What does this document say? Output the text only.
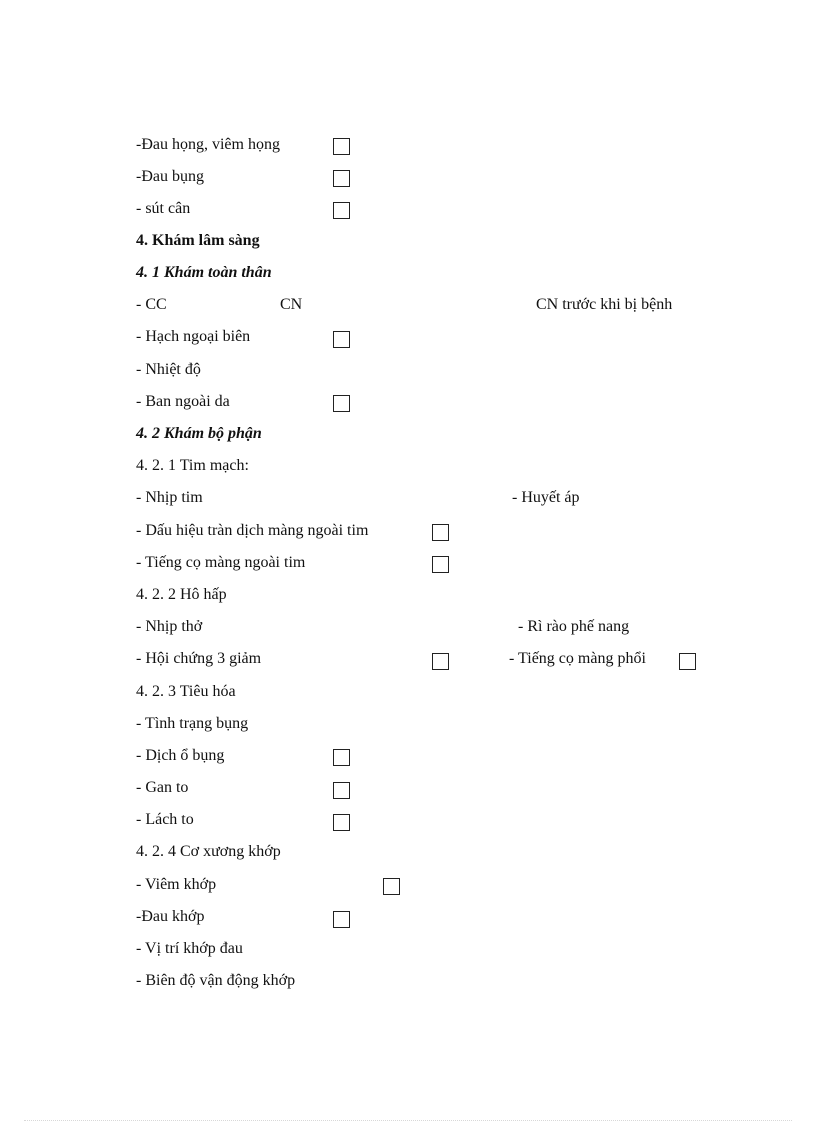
-Đau họng, viêm họng
-Đau bụng
- sút cân
4. Khám lâm sàng
4. 1 Khám toàn thân
- CC	CN	CN trước khi bị bệnh
- Hạch ngoại biên
- Nhiệt độ
- Ban ngoài da
4. 2 Khám bộ phận
4. 2. 1 Tim mạch:
- Nhịp tim	- Huyết áp
- Dấu hiệu tràn dịch màng ngoài tim
- Tiếng cọ màng ngoài tim
4. 2. 2 Hô hấp
- Nhịp thở	- Rì rào phế nang
- Hội chứng 3 giảm	- Tiếng cọ màng phổi
4. 2. 3 Tiêu hóa
- Tình trạng bụng
- Dịch ổ bụng
- Gan to
- Lách to
4. 2. 4 Cơ xương khớp
- Viêm khớp
-Đau khớp
- Vị trí khớp đau
- Biên độ vận động khớp
